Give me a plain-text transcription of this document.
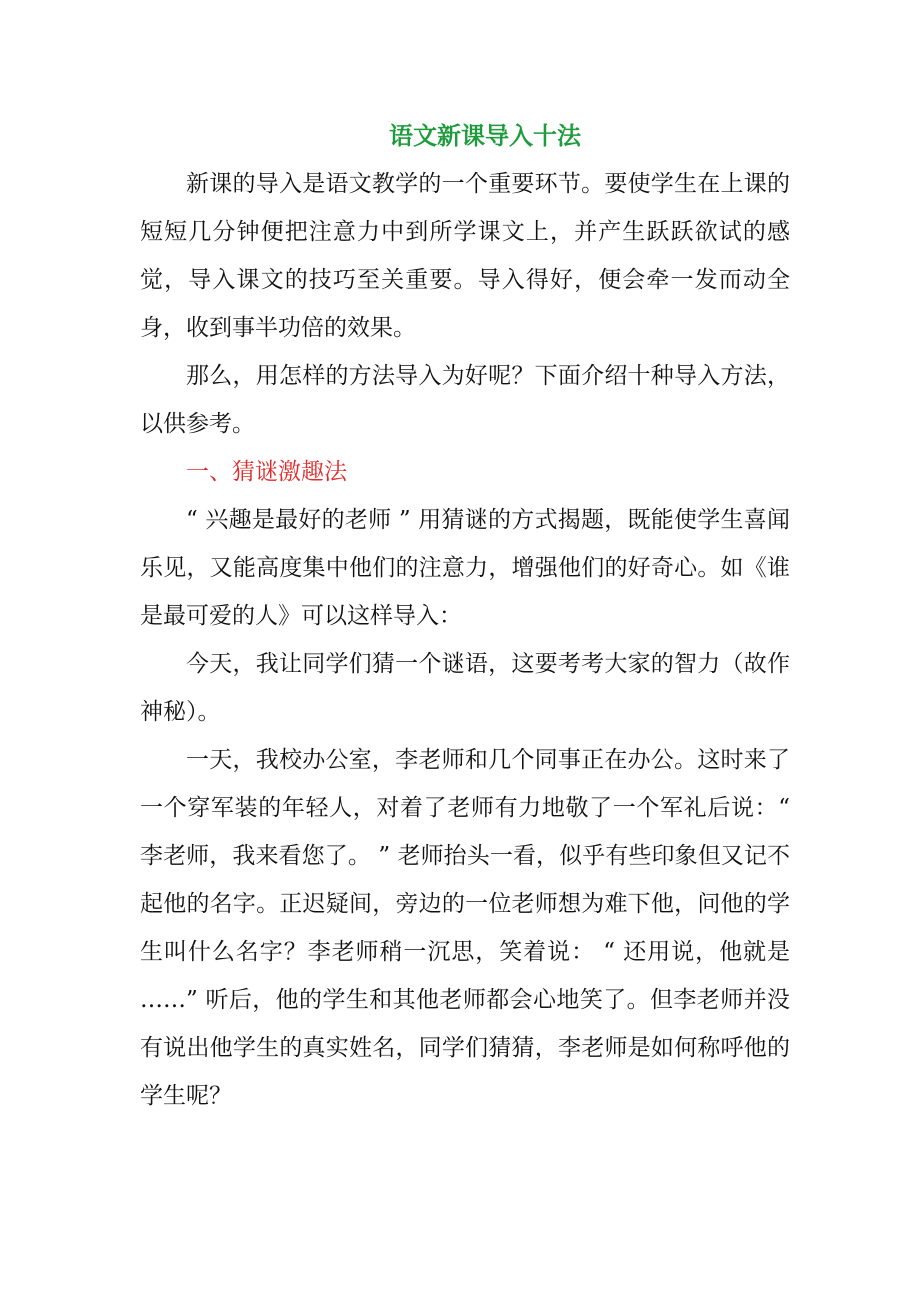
语文新课导入十法

新课的导入是语文教学的一个重要环节。要使学生在上课的短短几分钟便把注意力中到所学课文上，并产生跃跃欲试的感觉，导入课文的技巧至关重要。导入得好，便会牵一发而动全身，收到事半功倍的效果。

那么，用怎样的方法导入为好呢？下面介绍十种导入方法，以供参考。

一、猜谜激趣法

“ 兴趣是最好的老师 ” 用猜谜的方式揭题，既能使学生喜闻乐见，又能高度集中他们的注意力，增强他们的好奇心。如《谁是最可爱的人》可以这样导入：

今天，我让同学们猜一个谜语，这要考考大家的智力（故作神秘）。

一天，我校办公室，李老师和几个同事正在办公。这时来了一个穿军装的年轻人，对着了老师有力地敬了一个军礼后说：“ 李老师，我来看您了。 ” 老师抬头一看，似乎有些印象但又记不起他的名字。正迟疑间，旁边的一位老师想为难下他，问他的学生叫什么名字？李老师稍一沉思，笑着说： “ 还用说，他就是 ……” 听后，他的学生和其他老师都会心地笑了。但李老师并没有说出他学生的真实姓名，同学们猜猜，李老师是如何称呼他的学生呢？
